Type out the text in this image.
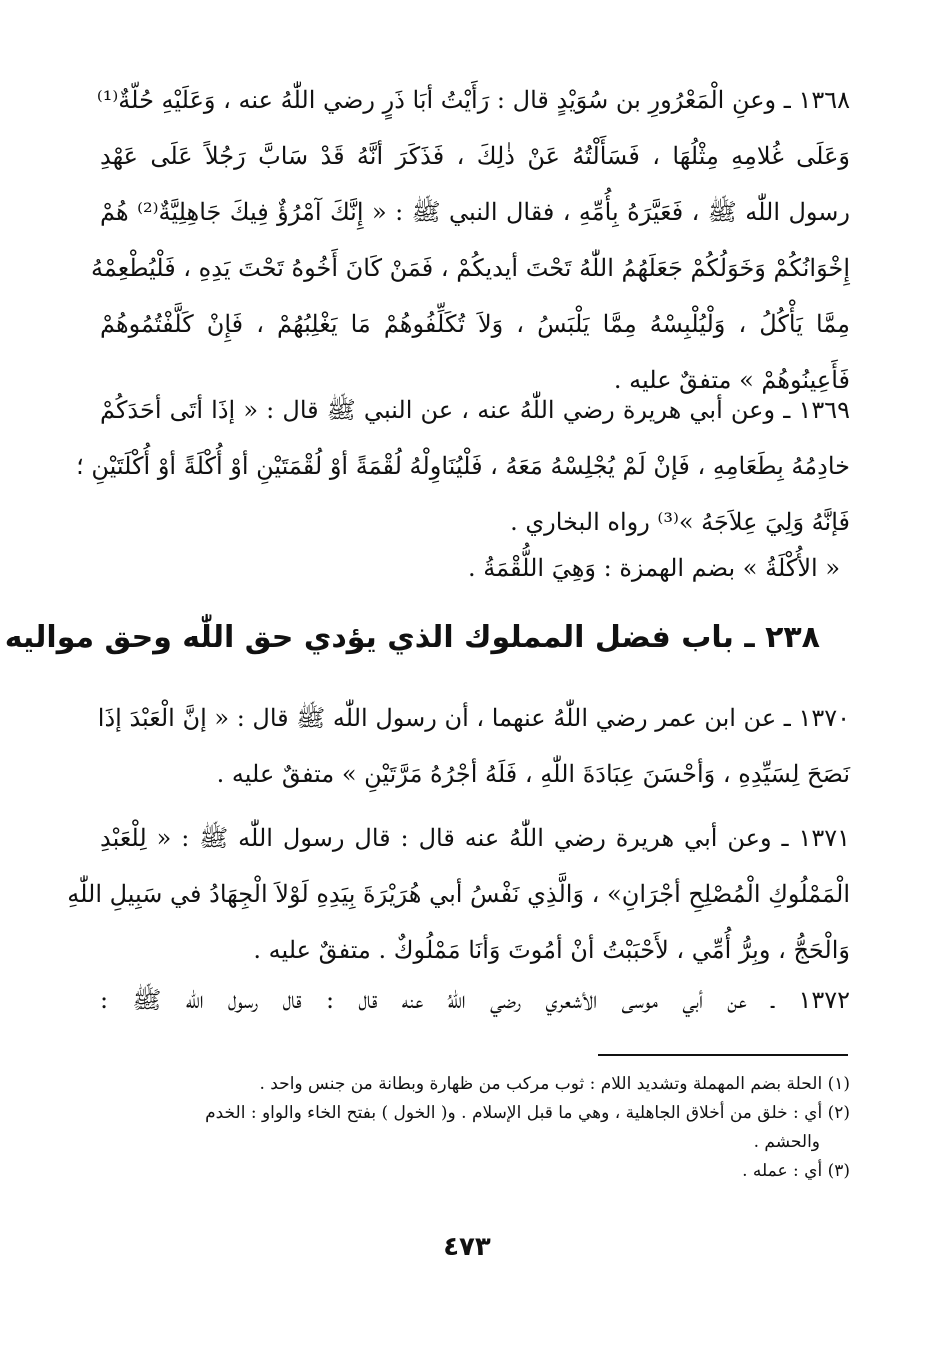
١٣٦٨ ـ وعنِ الْمَعْرُورِ بن سُوَيْدٍ قال : رَأَيْتُ أبَا ذَرٍ رضي اللّٰهُ عنه ، وَعَلَيْهِ حُلّةٌ⁽¹⁾
وَعَلَى غُلامِهِ مِثْلُهَا ، فَسَأَلْتُهُ عَنْ ذٰلِكَ ، فَذَكَرَ أنَّهُ قَدْ سَابَّ رَجُلاً عَلَى عَهْدِ
رسول اللّٰه ﷺ ، فَعَيَّرَهُ بِأُمِّهِ ، فقال النبي ﷺ : « إِنَّكَ آمْرُؤٌ فِيكَ جَاهِلِيَّةٌ⁽²⁾ هُمْ
إِخْوَانُكُمْ وَخَوَلُكُمْ جَعَلَهُمُ اللّٰهُ تَحْتَ أيديكُمْ ، فَمَنْ كَانَ أَخُوهُ تَحْتَ يَدِهِ ، فَلْيُطْعِمْهُ
مِمَّا يَأْكُلُ ، وَلْيُلْبِسْهُ مِمَّا يَلْبَسُ ، وَلاَ تُكَلِّفُوهُمْ مَا يَغْلِبُهُمْ ، فَإِنْ كَلَّفْتُمُوهُمْ
فَأَعِينُوهُمْ » متفقٌ عليه .
١٣٦٩ ـ وعن أبي هريرة رضي اللّٰهُ عنه ، عن النبي ﷺ قال : « إذَا أتَى أحَدَكُمْ
خادِمُهُ بِطَعَامِهِ ، فَإنْ لَمْ يُجْلِسْهُ مَعَهُ ، فَلْيُنَاوِلْهُ لُقْمَةً أوْ لُقْمَتَيْنِ أوْ أُكْلَةً أوْ أُكْلَتَيْنِ ؛
فَإنَّهُ وَلِيَ عِلاَجَهُ »⁽³⁾ رواه البخاري .
« الأُكْلَةُ » بضم الهمزة : وَهِيَ اللُّقْمَةُ .
٢٣٨ ـ باب فضل المملوك الذي يؤدي حق اللّٰه وحق مواليه
١٣٧٠ ـ عن ابن عمر رضي اللّٰهُ عنهما ، أن رسول اللّٰه ﷺ قال : « إنَّ الْعَبْدَ إذَا
نَصَحَ لِسَيِّدِهِ ، وَأحْسَنَ عِبَادَةَ اللّٰهِ ، فَلَهُ أجْرُهُ مَرَّتَيْنِ » متفقٌ عليه .
١٣٧١ ـ وعن أبي هريرة رضي اللّٰهُ عنه قال : قال رسول اللّٰه ﷺ : « لِلْعَبْدِ
الْمَمْلُوكِ الْمُصْلِحِ أجْرَانِ» ، وَالَّذِي نَفْسُ أبي هُرَيْرَةَ بِيَدِهِ لَوْلاَ الْجِهَادُ في سَبِيلِ اللّٰهِ
وَالْحَجُّ ، وبِرُّ أُمِّي ، لأَحْبَبْتُ أنْ أمُوتَ وَأنَا مَمْلُوكٌ . متفقٌ عليه .
١٣٧٢ ـ عن أبي موسى الأشعري رضي اللّٰهُ عنه قال : قال رسول اللّٰه ﷺ :
(١) الحلة بضم المهملة وتشديد اللام : ثوب مركب من ظهارة وبطانة من جنس واحد .
(٢) أي : خلق من أخلاق الجاهلية ، وهي ما قبل الإسلام . و( الخول ) بفتح الخاء والواو : الخدم
والحشم .
(٣) أي : عمله .
٤٧٣
